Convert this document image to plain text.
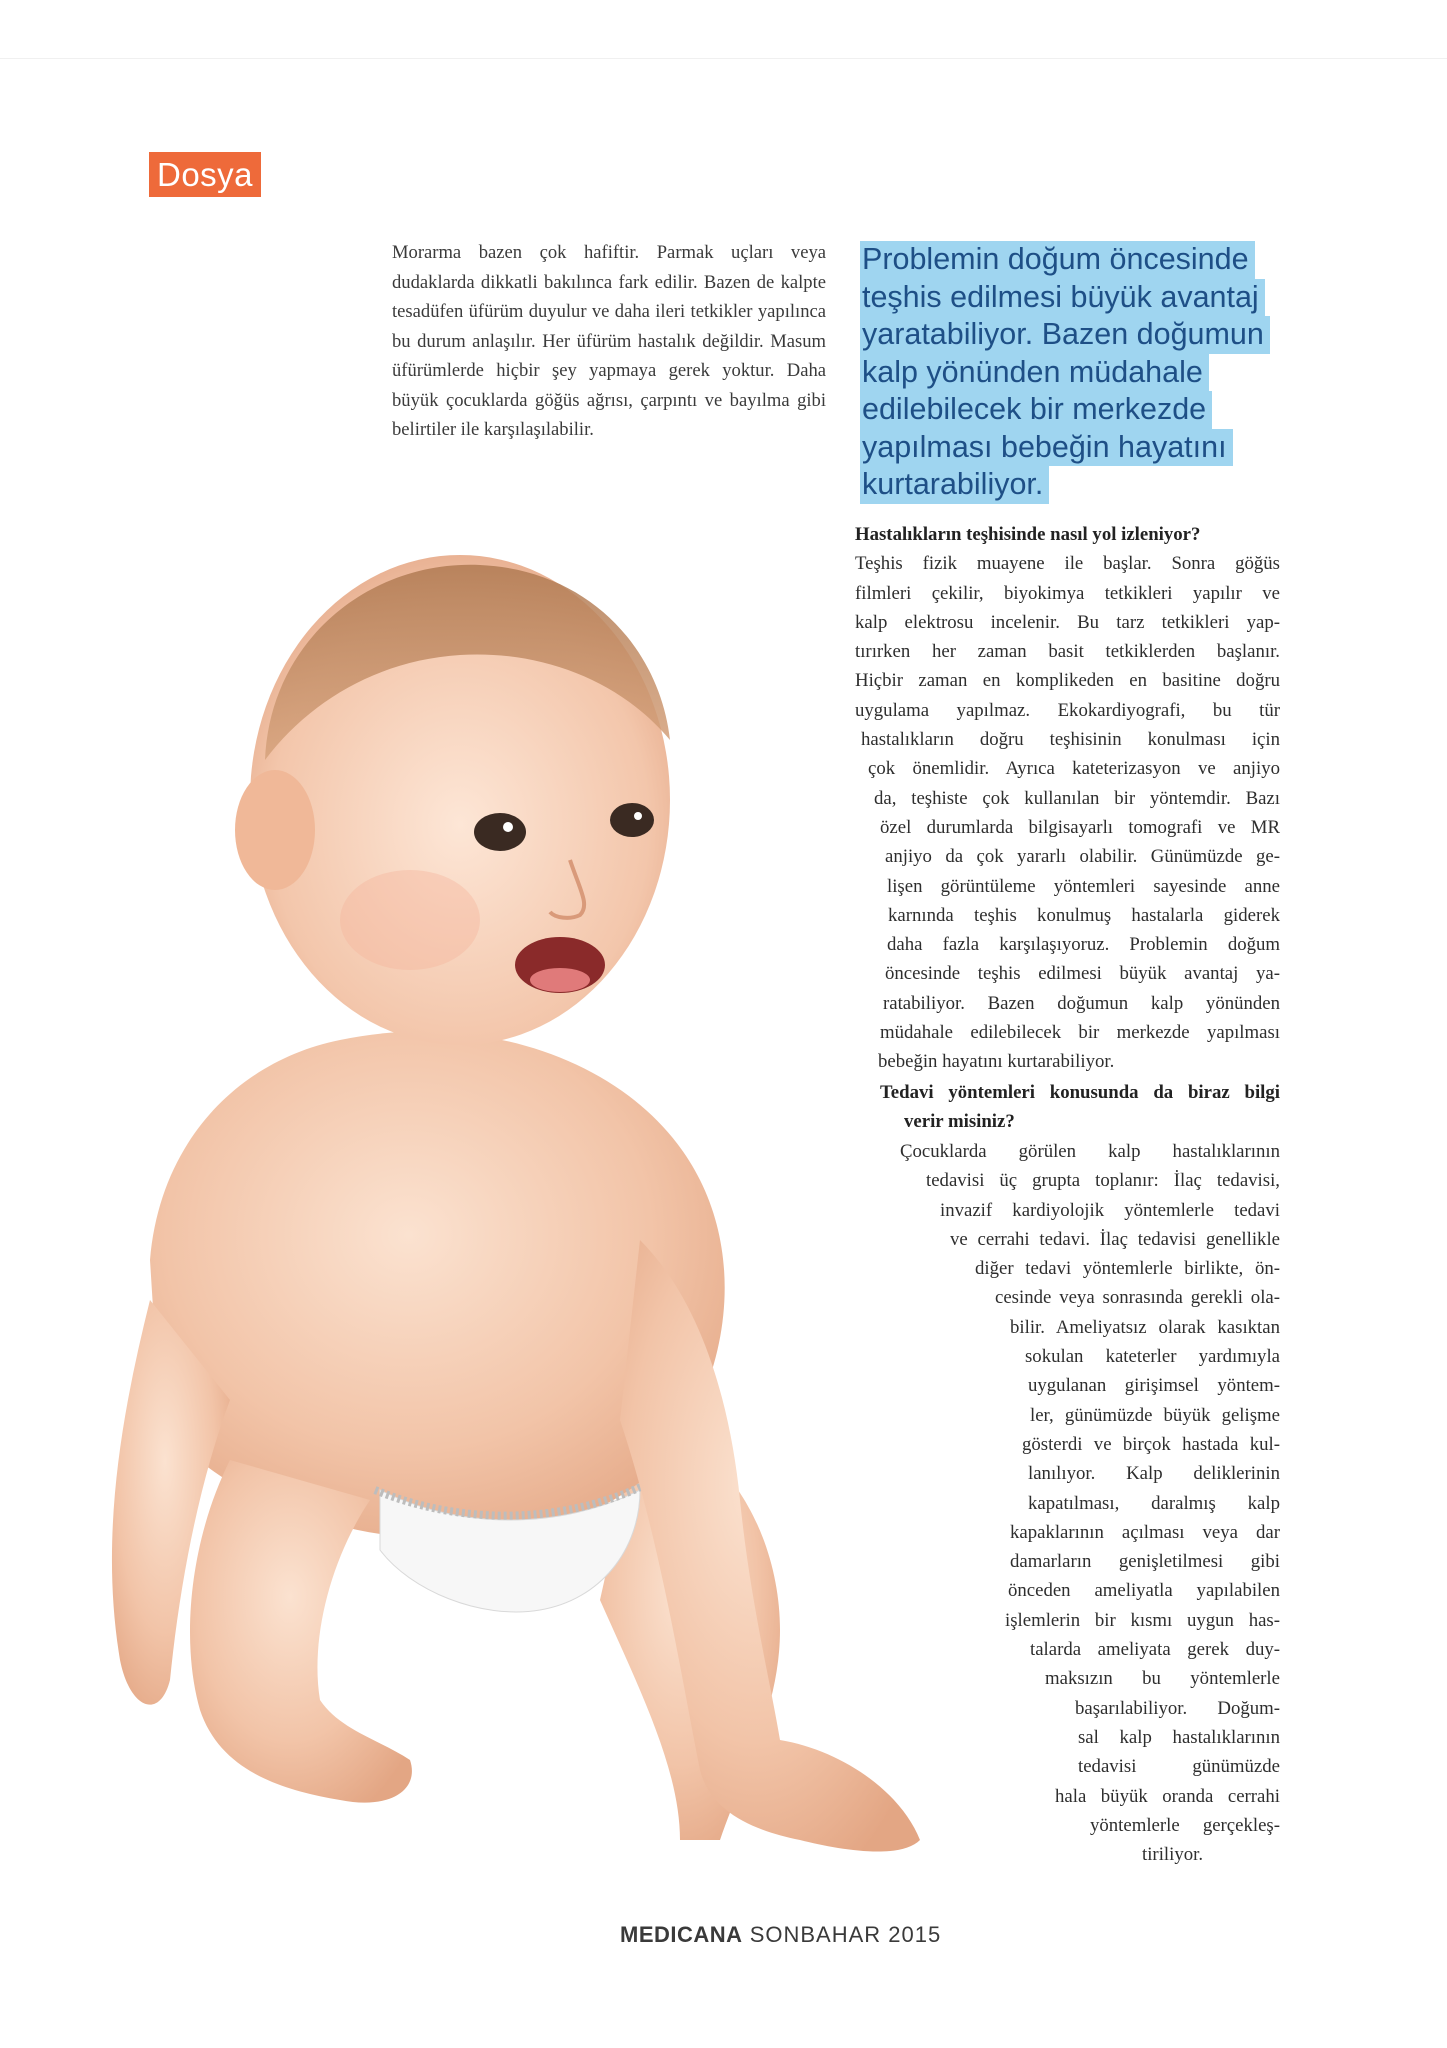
Dosya
Morarma bazen çok hafiftir. Parmak uçları veya dudaklarda dikkatli bakılınca fark edilir. Bazen de kalpte tesadüfen üfürüm duyulur ve daha ileri tetkikler yapılınca bu durum anlaşılır. Her üfürüm hastalık değildir. Masum üfürümlerde hiçbir şey yapmaya gerek yoktur. Daha büyük çocuklarda göğüs ağrısı, çarpıntı ve bayılma gibi belirtiler ile karşılaşılabilir.
Problemin doğum öncesinde
teşhis edilmesi büyük avantaj
yaratabiliyor. Bazen doğumun
kalp yönünden müdahale
edilebilecek bir merkezde
yapılması bebeğin hayatını
kurtarabiliyor.
Hastalıkların teşhisinde nasıl yol izleniyor?
Teşhis fizik muayene ile başlar. Sonra göğüs
filmleri çekilir, biyokimya tetkikleri yapılır ve
kalp elektrosu incelenir. Bu tarz tetkikleri yap-
tırırken her zaman basit tetkiklerden başlanır.
Hiçbir zaman en komplikeden en basitine doğru
uygulama yapılmaz. Ekokardiyografi, bu tür
hastalıkların doğru teşhisinin konulması için
çok önemlidir. Ayrıca kateterizasyon ve anjiyo
da, teşhiste çok kullanılan bir yöntemdir. Bazı
özel durumlarda bilgisayarlı tomografi ve MR
anjiyo da çok yararlı olabilir. Günümüzde ge-
lişen görüntüleme yöntemleri sayesinde anne
karnında teşhis konulmuş hastalarla giderek
daha fazla karşılaşıyoruz. Problemin doğum
öncesinde teşhis edilmesi büyük avantaj ya-
ratabiliyor. Bazen doğumun kalp yönünden
müdahale edilebilecek bir merkezde yapılması
bebeğin hayatını kurtarabiliyor.
Tedavi yöntemleri konusunda da biraz bilgi
verir misiniz?
Çocuklarda görülen kalp hastalıklarının
tedavisi üç grupta toplanır: İlaç tedavisi,
invazif kardiyolojik yöntemlerle tedavi
ve cerrahi tedavi. İlaç tedavisi genellikle
diğer tedavi yöntemlerle birlikte, ön-
cesinde veya sonrasında gerekli ola-
bilir. Ameliyatsız olarak kasıktan
sokulan kateterler yardımıyla
uygulanan girişimsel yöntem-
ler, günümüzde büyük gelişme
gösterdi ve birçok hastada kul-
lanılıyor. Kalp deliklerinin
kapatılması, daralmış kalp
kapaklarının açılması veya dar
damarların genişletilmesi gibi
önceden ameliyatla yapılabilen
işlemlerin bir kısmı uygun has-
talarda ameliyata gerek duy-
maksızın bu yöntemlerle
başarılabiliyor. Doğum-
sal kalp hastalıklarının
tedavisi günümüzde
hala büyük oranda cerrahi
yöntemlerle gerçekleş-
tiriliyor.
MEDICANA SONBAHAR 2015
